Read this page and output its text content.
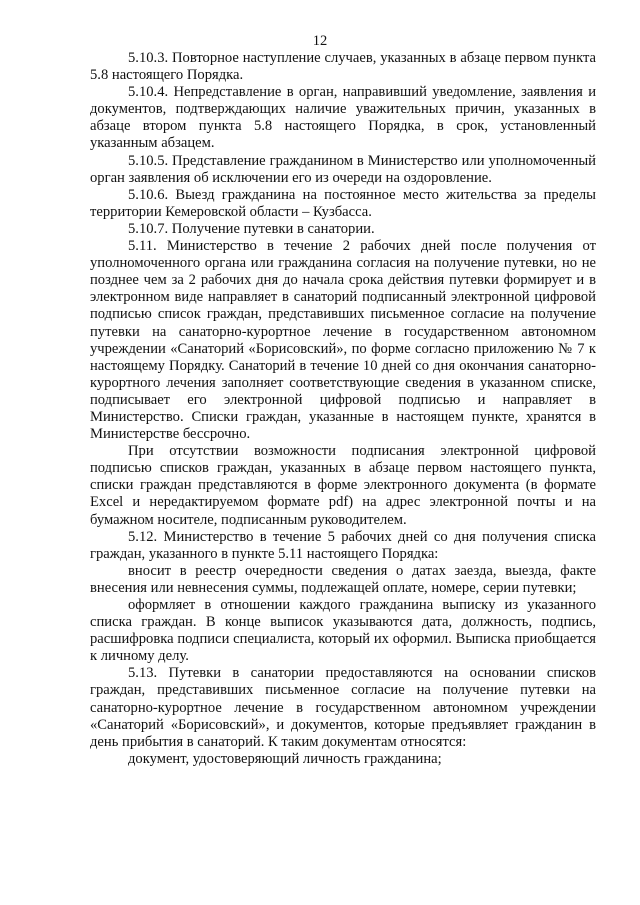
12

5.10.3. Повторное наступление случаев, указанных в абзаце первом пункта 5.8 настоящего Порядка.

5.10.4. Непредставление в орган, направивший уведомление, заявления и документов, подтверждающих наличие уважительных причин, указанных в абзаце втором пункта 5.8 настоящего Порядка, в срок, установленный указанным абзацем.

5.10.5. Представление гражданином в Министерство или уполномоченный орган заявления об исключении его из очереди на оздоровление.

5.10.6. Выезд гражданина на постоянное место жительства за пределы территории Кемеровской области – Кузбасса.

5.10.7. Получение путевки в санатории.

5.11. Министерство в течение 2 рабочих дней после получения от уполномоченного органа или гражданина согласия на получение путевки, но не позднее чем за 2 рабочих дня до начала срока действия путевки формирует и в электронном виде направляет в санаторий подписанный электронной цифровой подписью список граждан, представивших письменное согласие на получение путевки на санаторно-курортное лечение в государственном автономном учреждении «Санаторий «Борисовский», по форме согласно приложению № 7 к настоящему Порядку. Санаторий в течение 10 дней со дня окончания санаторно-курортного лечения заполняет соответствующие сведения в указанном списке, подписывает его электронной цифровой подписью и направляет в Министерство. Списки граждан, указанные в настоящем пункте, хранятся в Министерстве бессрочно.

При отсутствии возможности подписания электронной цифровой подписью списков граждан, указанных в абзаце первом настоящего пункта, списки граждан представляются в форме электронного документа (в формате Excel и нередактируемом формате pdf) на адрес электронной почты и на бумажном носителе, подписанным руководителем.

5.12. Министерство в течение 5 рабочих дней со дня получения списка граждан, указанного в пункте 5.11 настоящего Порядка:

вносит в реестр очередности сведения о датах заезда, выезда, факте внесения или невнесения суммы, подлежащей оплате, номере, серии путевки;

оформляет в отношении каждого гражданина выписку из указанного списка граждан. В конце выписок указываются дата, должность, подпись, расшифровка подписи специалиста, который их оформил. Выписка приобщается к личному делу.

5.13. Путевки в санатории предоставляются на основании списков граждан, представивших письменное согласие на получение путевки на санаторно-курортное лечение в государственном автономном учреждении «Санаторий «Борисовский», и документов, которые предъявляет гражданин в день прибытия в санаторий. К таким документам относятся:

документ, удостоверяющий личность гражданина;
